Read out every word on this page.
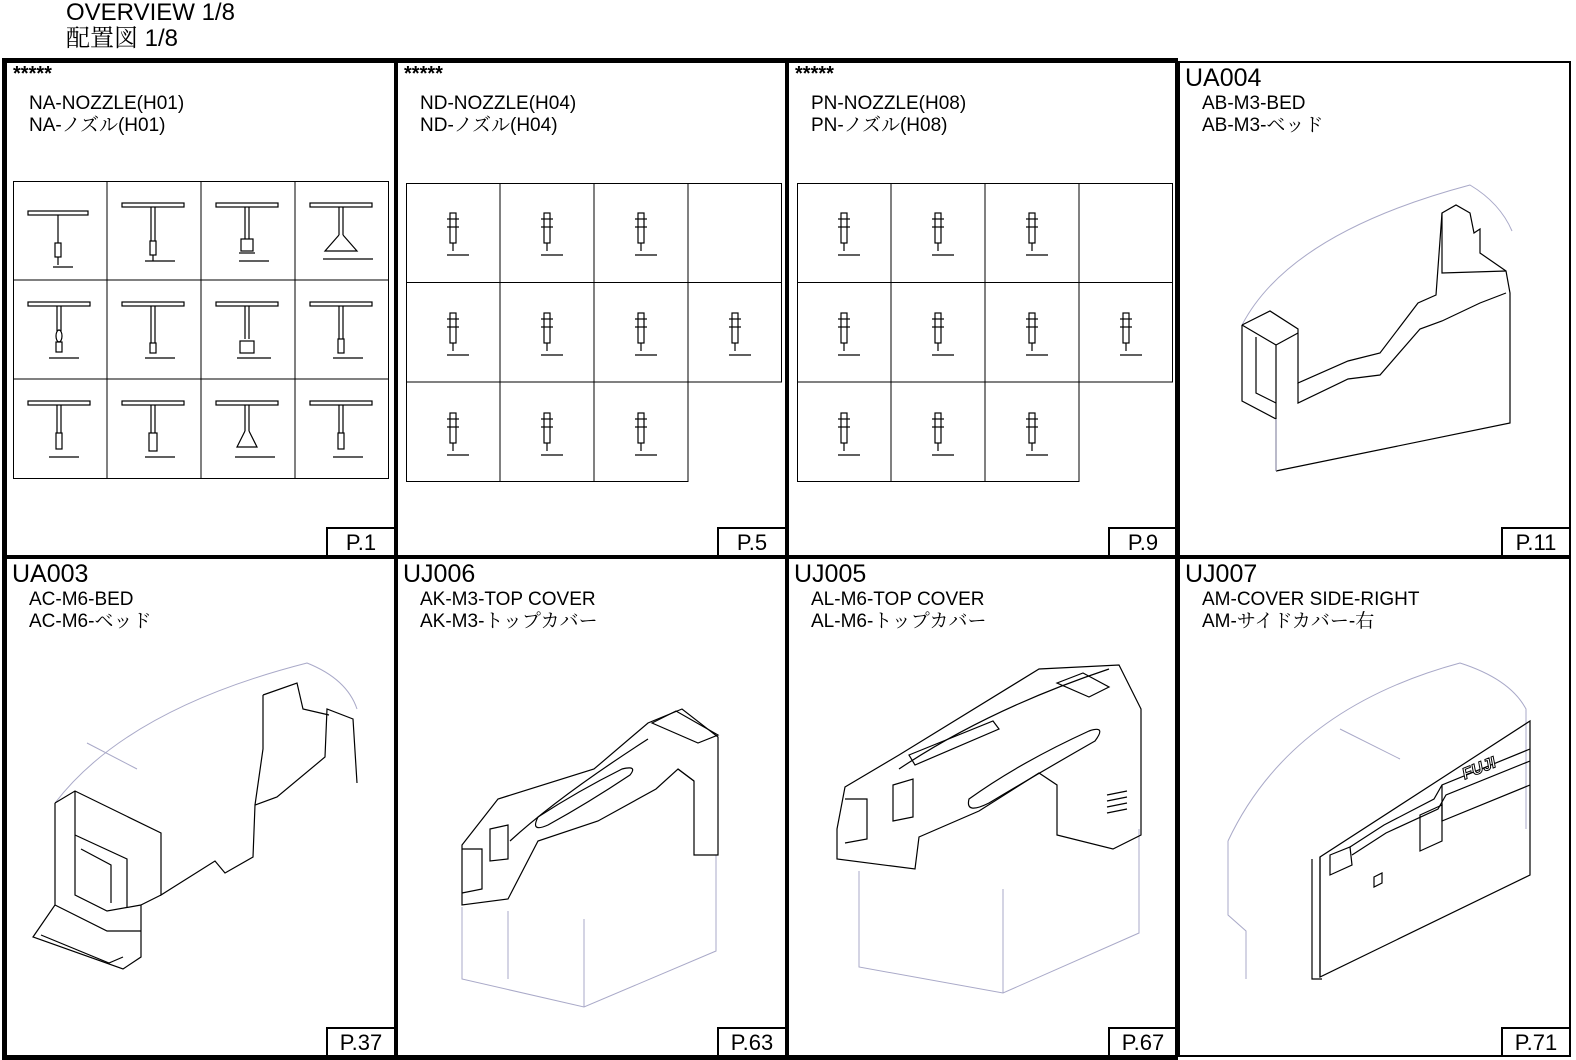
OVERVIEW 1/8
配置図 1/8
*****
NA-NOZZLE(H01)
NA-ノズル(H01)
P.1
*****
ND-NOZZLE(H04)
ND-ノズル(H04)
P.5
*****
PN-NOZZLE(H08)
PN-ノズル(H08)
P.9
UA004
AB-M3-BED
AB-M3-ベッド
P.11
UA003
AC-M6-BED
AC-M6-ベッド
P.37
UJ006
AK-M3-TOP COVER
AK-M3-トップカバー
P.63
UJ005
AL-M6-TOP COVER
AL-M6-トップカバー
P.67
UJ007
AM-COVER SIDE-RIGHT
AM-サイドカバー-右
FUJI
P.71
